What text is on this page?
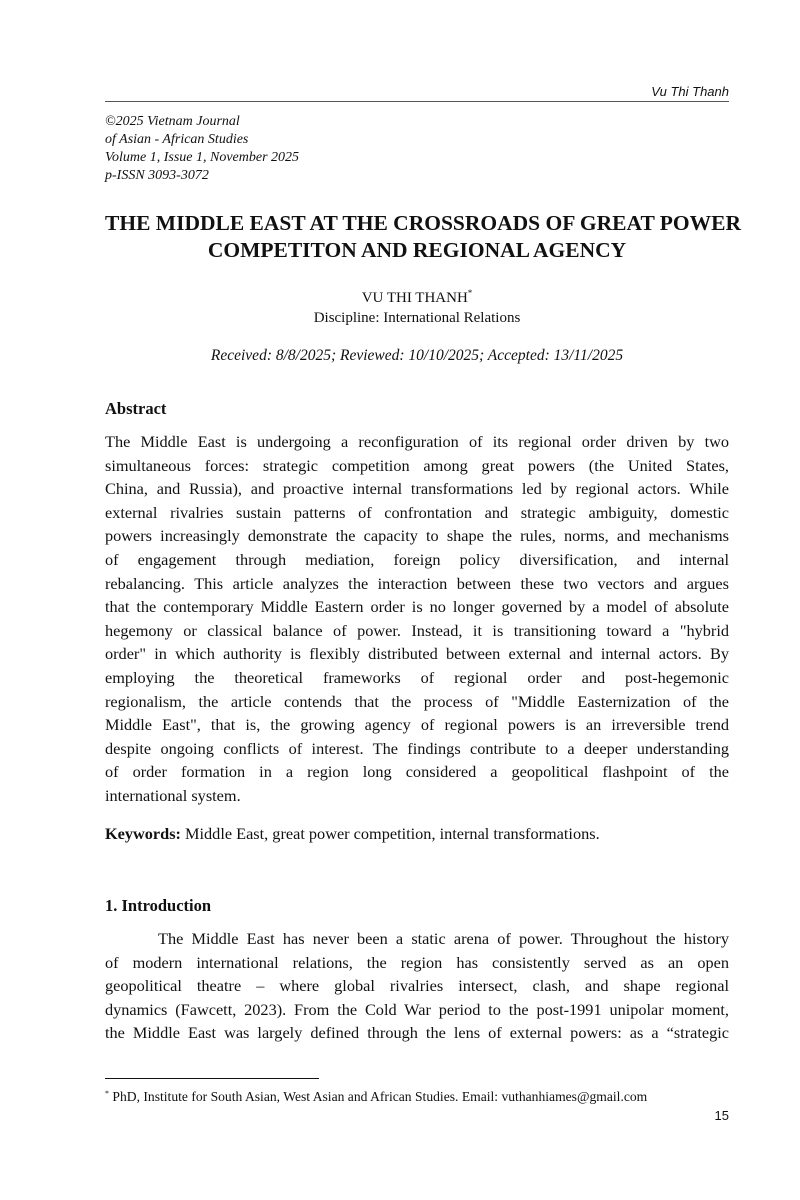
Vu Thi Thanh
©2025 Vietnam Journal
of Asian - African Studies
Volume 1, Issue 1, November 2025
p-ISSN 3093-3072
THE MIDDLE EAST AT THE CROSSROADS OF GREAT POWER
COMPETITON AND REGIONAL AGENCY
VU THI THANH*
Discipline: International Relations
Received: 8/8/2025; Reviewed: 10/10/2025; Accepted: 13/11/2025
Abstract
The Middle East is undergoing a reconfiguration of its regional order driven by two
simultaneous forces: strategic competition among great powers (the United States,
China, and Russia), and proactive internal transformations led by regional actors. While
external rivalries sustain patterns of confrontation and strategic ambiguity, domestic
powers increasingly demonstrate the capacity to shape the rules, norms, and mechanisms
of engagement through mediation, foreign policy diversification, and internal
rebalancing. This article analyzes the interaction between these two vectors and argues
that the contemporary Middle Eastern order is no longer governed by a model of absolute
hegemony or classical balance of power. Instead, it is transitioning toward a "hybrid
order" in which authority is flexibly distributed between external and internal actors. By
employing the theoretical frameworks of regional order and post-hegemonic
regionalism, the article contends that the process of "Middle Easternization of the
Middle East", that is, the growing agency of regional powers is an irreversible trend
despite ongoing conflicts of interest. The findings contribute to a deeper understanding
of order formation in a region long considered a geopolitical flashpoint of the
international system.
Keywords: Middle East, great power competition, internal transformations.
1. Introduction
The Middle East has never been a static arena of power. Throughout the history
of modern international relations, the region has consistently served as an open
geopolitical theatre – where global rivalries intersect, clash, and shape regional
dynamics (Fawcett, 2023). From the Cold War period to the post-1991 unipolar moment,
the Middle East was largely defined through the lens of external powers: as a “strategic
* PhD, Institute for South Asian, West Asian and African Studies. Email: vuthanhiames@gmail.com
15
